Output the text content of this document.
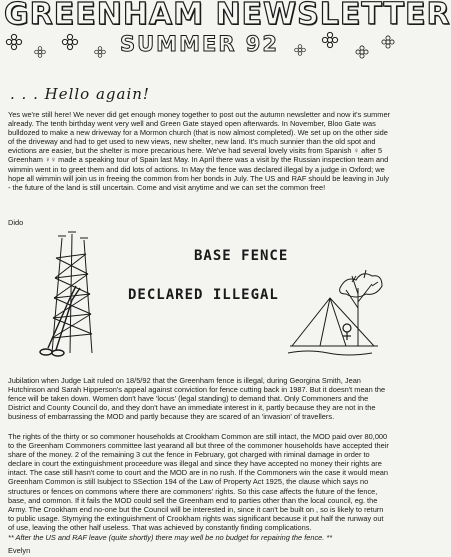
GREENHAM NEWSLETTER
SUMMER 92
. . . Hello again!

Yes we're still here! We never did get enough money together to post out the autumn newsletter and now it's summer already. The tenth birthday went very well and Green Gate stayed open afterwards. In November, Bloo Gate was bulldozed to make a new driveway for a Mormon church (that is now almost completed). We set up on the other side of the driveway and had to get used to new views, new shelter, new land. It's much sunnier than the old spot and evictions are easier, but the shelter is more precarious here. We've had several lovely visits from Spanish ♀ after 5 Greenham ♀♀ made a speaking tour of Spain last May. In April there was a visit by the Russian inspection team and wimmin went in to greet them and did lots of actions. In May the fence was declared illegal by a judge in Oxford; we hope all wimmin will join us in freeing the common from her bonds in July. The US and RAF should be leaving in July - the future of the land is still uncertain. Come and visit anytime and we can set the common free!

Dido

BASE FENCE
DECLARED ILLEGAL

Jubilation when Judge Lait ruled on 18/5/92 that the Greenham fence is illegal, during Georgina Smith, Jean Hutchinson and Sarah Hipperson's appeal against conviction for fence cutting back in 1987. But it doesn't mean the fence will be taken down. Women don't have 'locus' (legal standing) to demand that. Only Commoners and the District and County Council do, and they don't have an immediate interest in it, partly because they are not in the business of embarrassing the MOD and partly because they are scared of an 'invasion' of travellers.

The rights of the thirty or so commoner households at Crookham Common are still intact, the MOD paid over 80,000 to the Greenham Commoners committee last yearand all but three of the commoner households have accepted their share of the money. 2 of the remaining 3 cut the fence in February, got charged with riminal damage in order to declare in court the extinguishment proceedure was illegal and since they have accepted no money their rights are intact. The case still hasn't come to court and the MOD are in no rush. If the Commoners win the case it would mean Greenham Common is still Isubject to SSection 194 of the Law of Property Act 1925, the clause which says no structures or fences on commons where there are commoners' rights. So this case affects the future of the fence, base, and common. If it fails the MOD could sell the Greenham end to parties other than the local council, eg. the Army. The Crookham end no-one but the Council will be interested in, since it can't be built on , so is likely to return to public usage. Stymying the extinguishment of Crookham rights was significant because it put half the runway out of use, leaving the other half useless. That was achieved by constantly finding complications.

** After the US and RAF leave (quite shortly) there may well be no budget for repairing the fence. **

Evelyn
